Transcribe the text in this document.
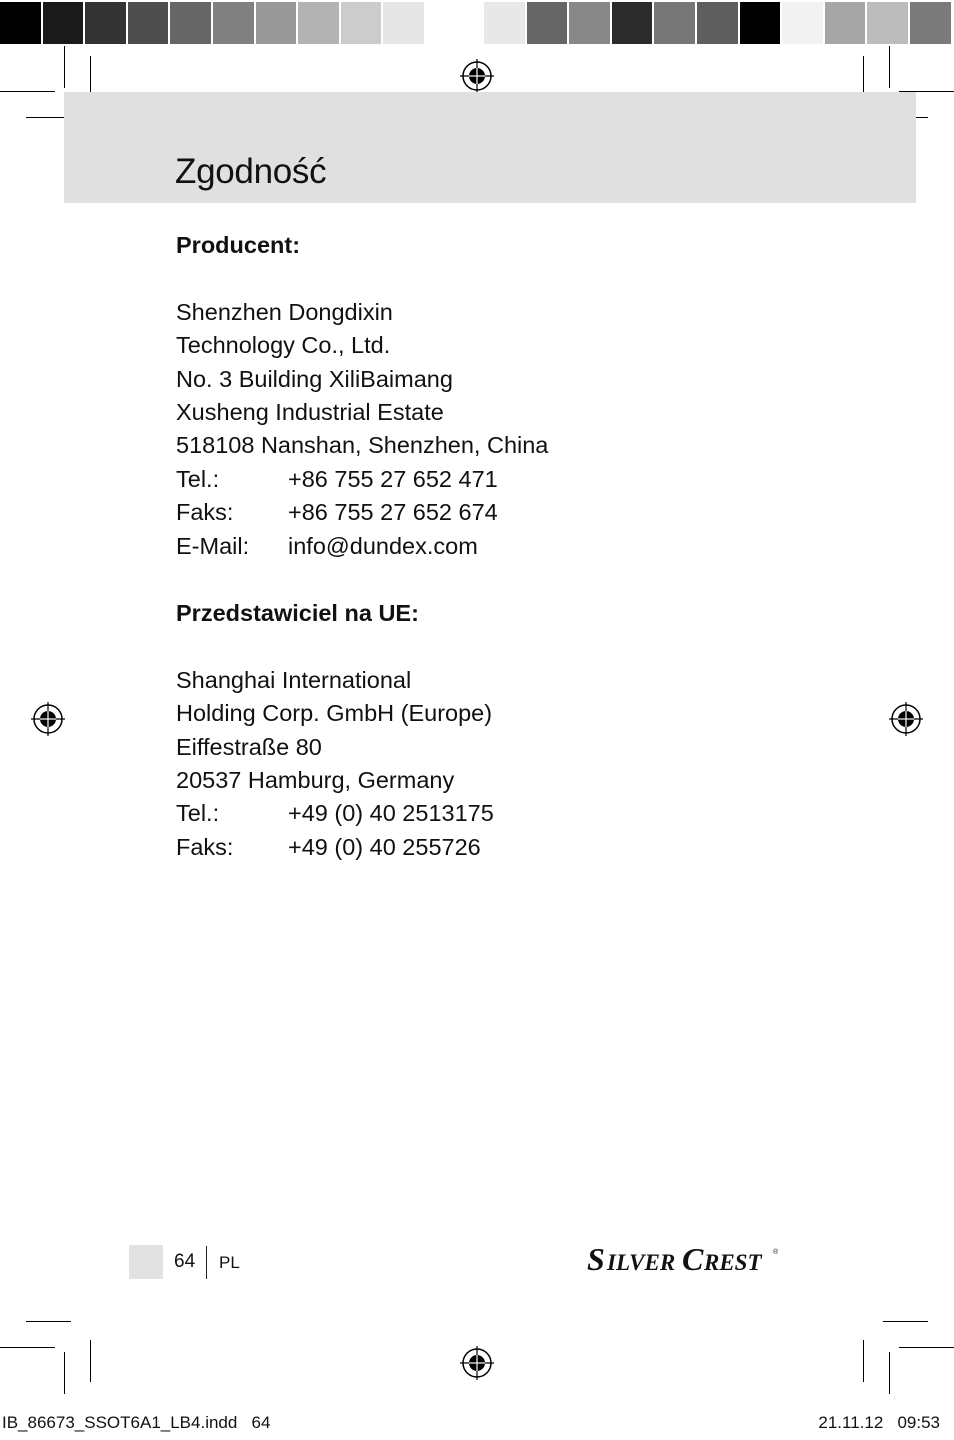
Zgodność
Producent:
Shenzhen Dongdixin
Technology Co., Ltd.
No. 3 Building XiliBaimang
Xusheng Industrial Estate
518108 Nanshan, Shenzhen, China
Tel.:	+86 755 27 652 471
Faks:	+86 755 27 652 674
E-Mail:	info@dundex.com
Przedstawiciel na UE:
Shanghai International
Holding Corp. GmbH (Europe)
Eiffestraße 80
20537 Hamburg, Germany
Tel.:	+49 (0) 40 2513175
Faks:	+49 (0) 40 255726
64 PL	S ILVER C REST ®
IB_86673_SSOT6A1_LB4.indd   64	21.11.12   09:53
